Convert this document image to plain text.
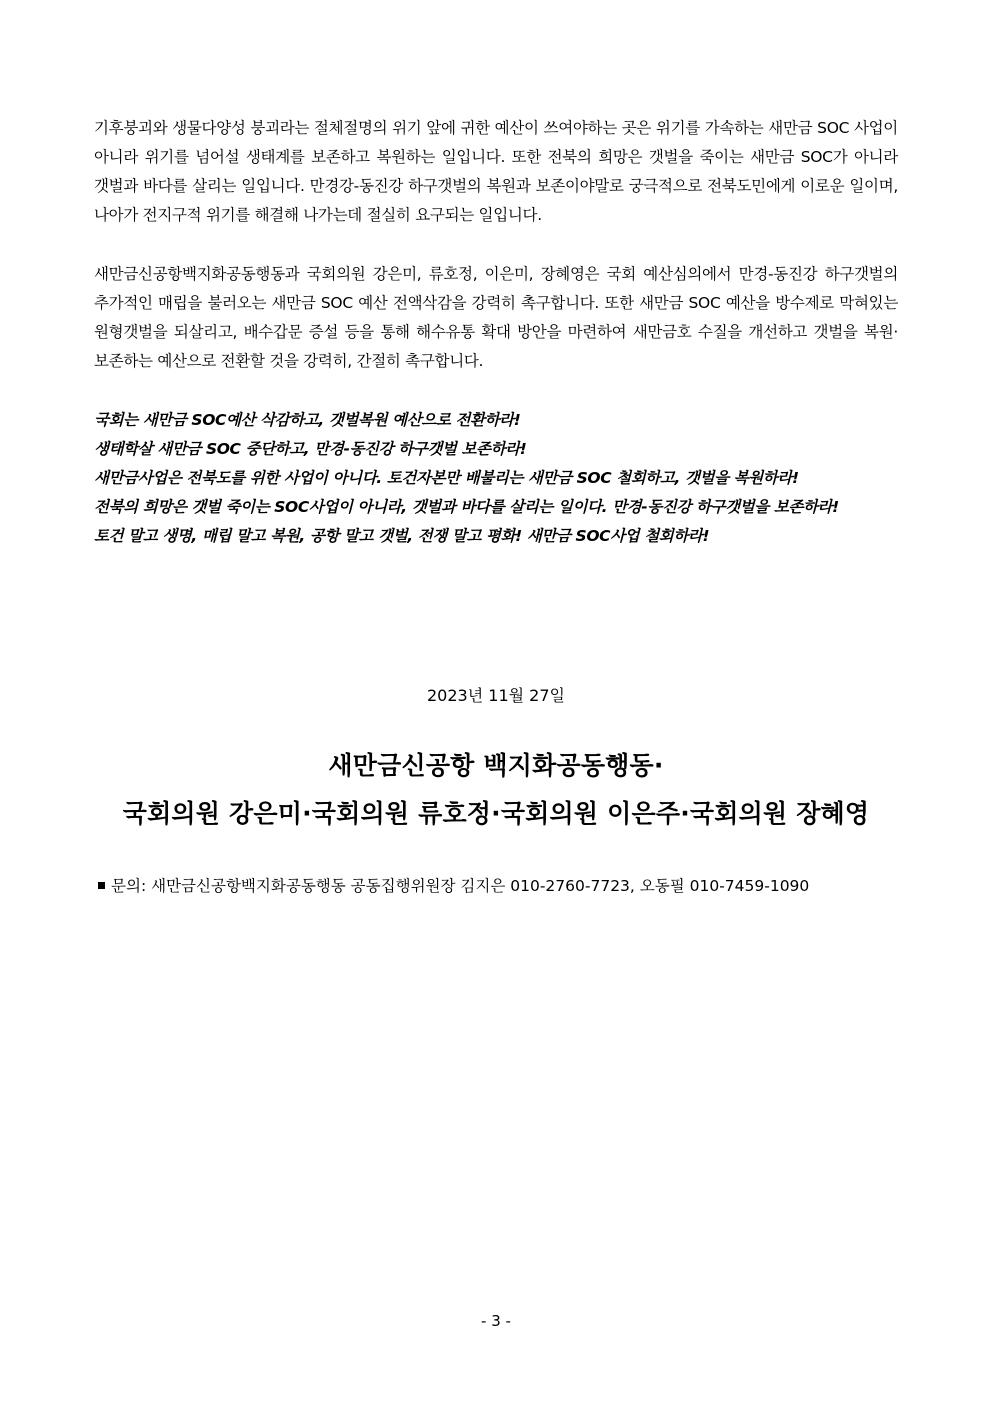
기후붕괴와 생물다양성 붕괴라는 절체절명의 위기 앞에 귀한 예산이 쓰여야하는 곳은 위기를 가속하는 새만금 SOC 사업이 아니라 위기를 넘어설 생태계를 보존하고 복원하는 일입니다. 또한 전북의 희망은 갯벌을 죽이는 새만금 SOC가 아니라 갯벌과 바다를 살리는 일입니다. 만경강-동진강 하구갯벌의 복원과 보존이야말로 궁극적으로 전북도민에게 이로운 일이며, 나아가 전지구적 위기를 해결해 나가는데 절실히 요구되는 일입니다.
새만금신공항백지화공동행동과 국회의원 강은미, 류호정, 이은미, 장혜영은 국회 예산심의에서 만경-동진강 하구갯벌의 추가적인 매립을 불러오는 새만금 SOC 예산 전액삭감을 강력히 촉구합니다. 또한 새만금 SOC 예산을 방수제로 막혀있는 원형갯벌을 되살리고, 배수갑문 증설 등을 통해 해수유통 확대 방안을 마련하여 새만금호 수질을 개선하고 갯벌을 복원·보존하는 예산으로 전환할 것을 강력히, 간절히 촉구합니다.
국회는 새만금 SOC예산 삭감하고, 갯벌복원 예산으로 전환하라!
생태학살 새만금 SOC 중단하고, 만경-동진강 하구갯벌 보존하라!
새만금사업은 전북도를 위한 사업이 아니다. 토건자본만 배불리는 새만금 SOC 철회하고, 갯벌을 복원하라!
전북의 희망은 갯벌 죽이는 SOC사업이 아니라, 갯벌과 바다를 살리는 일이다. 만경-동진강 하구갯벌을 보존하라!
토건 말고 생명, 매립 말고 복원, 공항 말고 갯벌, 전쟁 말고 평화! 새만금 SOC사업 철회하라!
2023년 11월 27일
새만금신공항 백지화공동행동·
국회의원 강은미·국회의원 류호정·국회의원 이은주·국회의원 장혜영
문의: 새만금신공항백지화공동행동 공동집행위원장 김지은 010-2760-7723, 오동필 010-7459-1090
- 3 -
